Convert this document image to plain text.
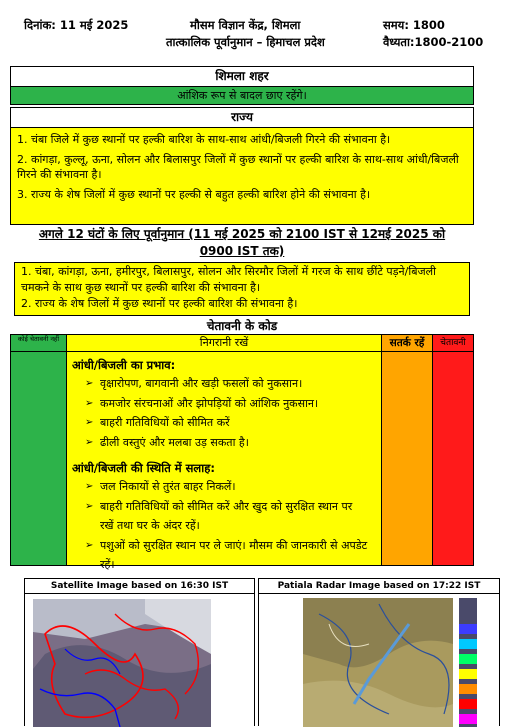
दिनांक: 11 मई 2025	मौसम विज्ञान केंद्र, शिमला
तात्कालिक पूर्वानुमान – हिमाचल प्रदेश
समय: 1800
वैध्यता:1800-2100
शिमला शहर
आंशिक रूप से बादल छाए रहेंगे।
राज्य
1. चंबा जिले में कुछ स्थानों पर हल्की बारिश के साथ-साथ आंधी/बिजली गिरने की संभावना है।
2. कांगड़ा, कुल्लू, ऊना, सोलन और बिलासपुर जिलों में कुछ स्थानों पर हल्की बारिश के साथ-साथ आंधी/बिजली गिरने की संभावना है।
3. राज्य के शेष जिलों में कुछ स्थानों पर हल्की से बहुत हल्की बारिश होने की संभावना है।
अगले 12 घंटों के लिए पूर्वानुमान (11 मई 2025 को 2100 IST से 12मई 2025 को
0900 IST तक)
1. चंबा, कांगड़ा, ऊना, हमीरपुर, बिलासपुर, सोलन और सिरमौर जिलों में गरज के साथ छींटे पड़ने/बिजली चमकने के साथ कुछ स्थानों पर हल्की बारिश की संभावना है।
2. राज्य के शेष जिलों में कुछ स्थानों पर हल्की बारिश की संभावना है।
चेतावनी के कोड
कोई चेतावनी नहीं	निगरानी रखें	सतर्क रहें	चेतावनी
आंधी/बिजली का प्रभाव:
➢ वृक्षारोपण, बागवानी और खड़ी फसलों को नुकसान।
➢ कमजोर संरचनाओं और झोपड़ियों को आंशिक नुकसान।
➢ बाहरी गतिविधियों को सीमित करें
➢ ढीली वस्तुएं और मलबा उड़ सकता है।
आंधी/बिजली की स्थिति में सलाह:
➢ जल निकायों से तुरंत बाहर निकलें।
➢ बाहरी गतिविधियों को सीमित करें और खुद को सुरक्षित स्थान पर रखें तथा घर के अंदर रहें।
➢ पशुओं को सुरक्षित स्थान पर ले जाएं। मौसम की जानकारी से अपडेट रहें।
Satellite Image based on 16:30 IST	Patiala Radar Image based on 17:22 IST
